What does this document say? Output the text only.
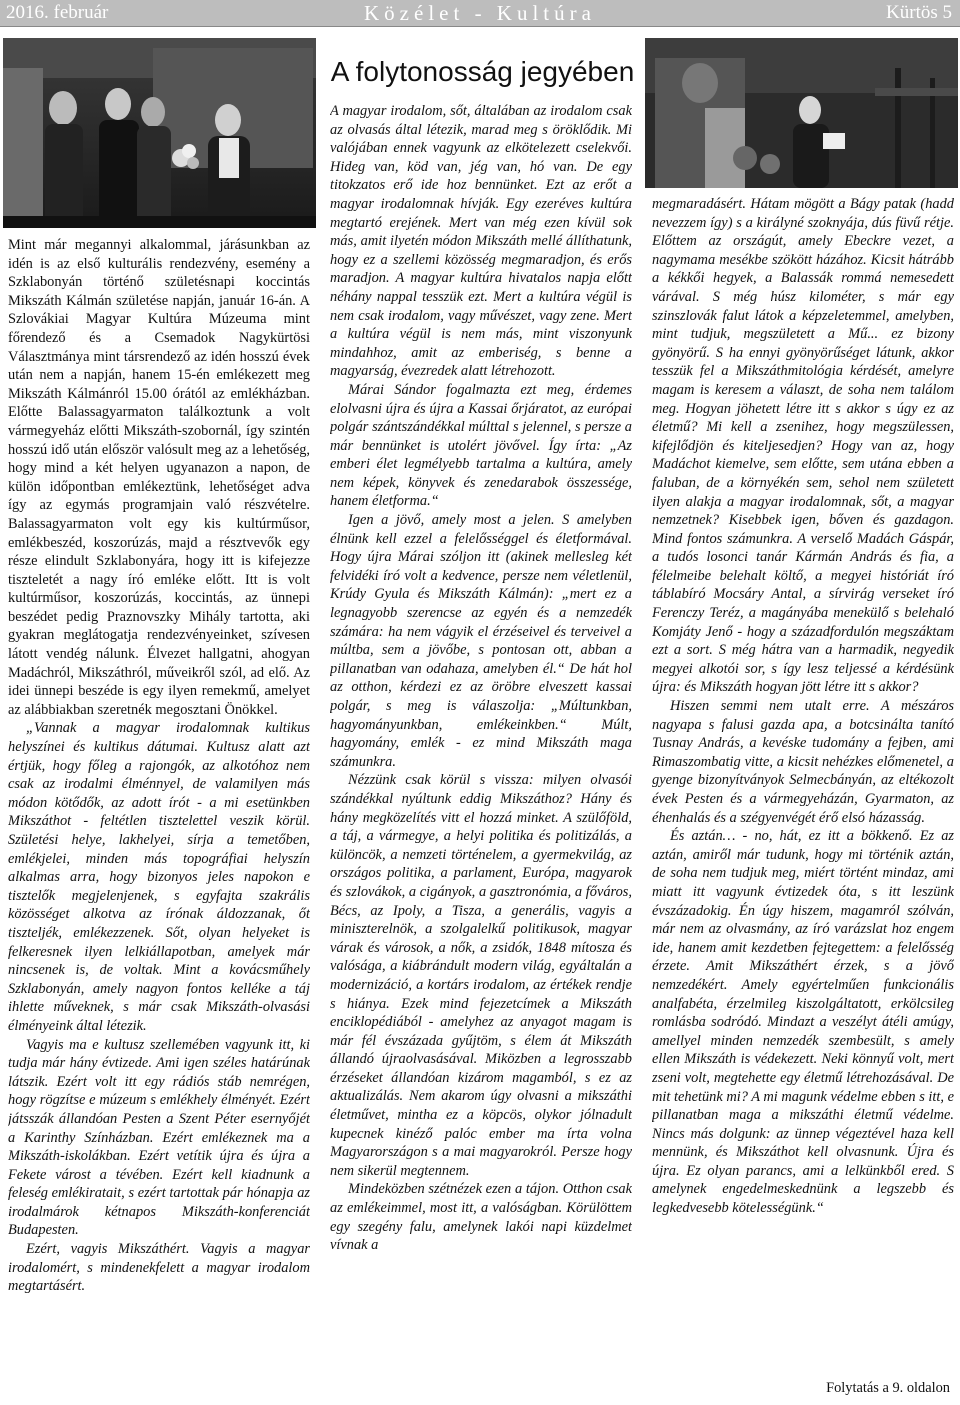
2016. február	Közélet - Kultúra	Kürtös 5
A folytonosság jegyében

Mint már megannyi alkalommal, járásunkban az idén is az első kulturális rendezvény, esemény a Szklabonyán történő születésnapi koccintás Mikszáth Kálmán születése napján, január 16-án. A Szlovákiai Magyar Kultúra Múzeuma mint főrendező és a Csemadok Nagykürtösi Választmánya mint társrendező az idén hosszú évek után nem a napján, hanem 15-én emlékezett meg Mikszáth Kálmánról 15.00 órától az emlékházban. Előtte Balassagyarmaton találkoztunk a volt vármegyeház előtti Mikszáth-szobornál, így szintén hosszú idő után először valósult meg az a lehetőség, hogy mind a két helyen ugyanazon a napon, de külön időpontban emlékeztünk, lehetőséget adva így az egymás programjain való részvételre. Balassagyarmaton volt egy kis kultúrműsor, emlékbeszéd, koszorúzás, majd a résztvevők egy része elindult Szklabonyára, hogy itt is kifejezze tiszteletét a nagy író emléke előtt. Itt is volt kultúrműsor, koszorúzás, koccintás, az ünnepi beszédet pedig Praznovszky Mihály tartotta, aki gyakran meglátogatja rendezvényeinket, szívesen látott vendég nálunk. Élvezet hallgatni, ahogyan Madáchról, Mikszáthról, műveikről szól, ad elő. Az idei ünnepi beszéde is egy ilyen remekmű, amelyet az alábbiakban szeretnék megosztani Önökkel.

„Vannak a magyar irodalomnak kultikus helyszínei és kultikus dátumai. Kultusz alatt azt értjük, hogy főleg a rajongók, az alkotóhoz nem csak az irodalmi élménnyel, de valamilyen más módon kötődők, az adott írót - a mi esetünkben Mikszáthot - feltétlen tisztelettel veszik körül. Születési helye, lakhelyei, sírja a temetőben, emlékjelei, minden más topográfiai helyszín alkalmas arra, hogy bizonyos jeles napokon e tisztelők megjelenjenek, s egyfajta szakrális közösséget alkotva az írónak áldozzanak, őt tiszteljék, emlékezzenek. Sőt, olyan helyeket is felkeresnek ilyen lelkiállapotban, amelyek már nincsenek is, de voltak. Mint a kovácsműhely Szklabonyán, amely nagyon fontos kelléke a táj ihlette műveknek, s már csak Mikszáth-olvasási élményeink által létezik.

Vagyis ma e kultusz szellemében vagyunk itt, ki tudja már hány évtizede. Ami igen széles határúnak látszik. Ezért volt itt egy rádiós stáb nemrégen, hogy rögzítse e múzeum s emlékhely élményét. Ezért játsszák állandóan Pesten a Szent Péter esernyőjét a Karinthy Színházban. Ezért emlékeznek ma a Mikszáth-iskolákban. Ezért vetítik újra és újra a Fekete várost a tévében. Ezért kell kiadnunk a feleség emlékiratait, s ezért tartottak pár hónapja az irodalmárok kétnapos Mikszáth-konferenciát Budapesten.

Ezért, vagyis Mikszáthért. Vagyis a magyar irodalomért, s mindenekfelett a magyar irodalom megtartásért.

A magyar irodalom, sőt, általában az irodalom csak az olvasás által létezik, marad meg s öröklődik. Mi valójában ennek vagyunk az elkötelezett cselekvői. Hideg van, köd van, jég van, hó van. De egy titokzatos erő ide hoz bennünket. Ezt az erőt a magyar irodalomnak hívják. Egy ezeréves kultúra megtartó erejének. Mert van még ezen kívül sok más, amit ilyetén módon Mikszáth mellé állíthatunk, hogy ez a szellemi közösség megmaradjon, és erős maradjon. A magyar kultúra hivatalos napja előtt néhány nappal tesszük ezt. Mert a kultúra végül is nem csak irodalom, vagy művészet, vagy zene. Mert a kultúra végül is nem más, mint viszonyunk mindahhoz, amit az emberiség, s benne a magyarság, évezredek alatt létrehozott.

Márai Sándor fogalmazta ezt meg, érdemes elolvasni újra és újra a Kassai őrjáratot, az európai polgár szántszándékkal múlttal s jelennel, s persze a már bennünket is utolért jövővel. Így írta: „Az emberi élet legmélyebb tartalma a kultúra, amely nem képek, könyvek és zenedarabok összessége, hanem életforma.“

Igen a jövő, amely most a jelen. S amelyben élnünk kell ezzel a felelősséggel és életformával. Hogy újra Márai szóljon itt (akinek mellesleg két felvidéki író volt a kedvence, persze nem véletlenül, Krúdy Gyula és Mikszáth Kálmán): „mert ez a legnagyobb szerencse az egyén és a nemzedék számára: ha nem vágyik el érzéseivel és terveivel a múltba, sem a jövőbe, s pontosan ott, abban a pillanatban van odahaza, amelyben él.“ De hát hol az otthon, kérdezi ez az öröbre elveszett kassai polgár, s meg is válaszolja: „Múltunkban, hagyományunkban, emlékeinkben.“ Múlt, hagyomány, emlék - ez mind Mikszáth maga számunkra.

Nézzünk csak körül s vissza: milyen olvasói szándékkal nyúltunk eddig Mikszáthoz? Hány és hány megközelítés vitt el hozzá minket. A szülőföld, a táj, a vármegye, a helyi politika és politizálás, a különcök, a nemzeti történelem, a gyermekvilág, az országos politika, a parlament, Európa, magyarok és szlovákok, a cigányok, a gasztronómia, a főváros, Bécs, az Ipoly, a Tisza, a generális, vagyis a miniszterelnök, a szolgalelkű politikusok, magyar várak és városok, a nők, a zsidók, 1848 mítosza és valósága, a kiábrándult modern világ, egyáltalán a modernizáció, a kortárs irodalom, az értékek rendje s hiánya. Ezek mind fejezetcímek a Mikszáth enciklopédiából - amelyhez az anyagot magam is már fél évszázada gyűjtöm, s élem át Mikszáth állandó újraolvasásával. Miközben a legrosszabb érzéseket állandóan kizárom magamból, s ez az aktualizálás. Nem akarom úgy olvasni a mikszáthi életművet, mintha ez a köpcös, olykor jólnadult kupecnek kinéző palóc ember ma írta volna Magyarországon s a mai magyarokról. Persze hogy nem sikerül megtennem.

Mindeközben szétnézek ezen a tájon. Otthon csak az emlékeimmel, most itt, a valóságban. Körülöttem egy szegény falu, amelynek lakói napi küzdelmet vívnak a

megmaradásért. Hátam mögött a Bágy patak (hadd nevezzem így) s a királyné szoknyája, dús füvű rétje. Előttem az országút, amely Ebeckre vezet, a nagymama mesékbe szökött házához. Kicsit hátrább a kékkői hegyek, a Balassák rommá nemesedett várával. S még húsz kilométer, s már egy szinszlovák falut látok a képzeletemmel, amelyben, mint tudjuk, megszületett a Mű... ez bizony gyönyörű. S ha ennyi gyönyörűséget látunk, akkor tesszük fel a Mikszáthmitológia kérdését, amelyre magam is keresem a választ, de soha nem találom meg. Hogyan jöhetett létre itt s akkor s úgy ez az életmű? Mi kell a zsenihez, hogy megszülessen, kifejlődjön és kiteljesedjen? Hogy van az, hogy Madáchot kiemelve, sem előtte, sem utána ebben a faluban, de a környékén sem, sehol nem született ilyen alakja a magyar irodalomnak, sőt, a magyar nemzetnek? Kisebbek igen, bőven és gazdagon. Mind fontos számunkra. A verselő Madách Gáspár, a tudós losonci tanár Kármán András és fia, a félelmeibe belehalt költő, a megyei históriát író táblabíró Mocsáry Antal, a sírvirág verseket író Ferenczy Teréz, a magányába menekülő s belehaló Komjáty Jenő - hogy a századfordulón megszáktam ezt a sort. S még hátra van a harmadik, negyedik megyei alkotói sor, s így lesz teljessé a kérdésünk újra: és Mikszáth hogyan jött létre itt s akkor?

Hiszen semmi nem utalt erre. A mészáros nagyapa s falusi gazda apa, a botcsinálta tanító Tusnay András, a kevéske tudomány a fejben, ami Rimaszombatig vitte, a kicsit nehézkes előmenetel, a gyenge bizonyítványok Selmecbányán, az eltékozolt évek Pesten és a vármegyeházán, Gyarmaton, az éhenhalás és a szégyenvégét érő elsó házasság.

És aztán… - no, hát, ez itt a bökkenő. Ez az aztán, amiről már tudunk, hogy mi történik aztán, de soha nem tudjuk meg, miért történt mindaz, ami miatt itt vagyunk évtizedek óta, s itt leszünk évszázadokig. Én úgy hiszem, magamról szólván, már nem az olvasmány, az író varázslat hoz engem ide, hanem amit kezdetben fejtegettem: a felelősség érzete. Amit Mikszáthért érzek, s a jövő nemzedékért. Amely egyértelműen funkcionális analfabéta, érzelmileg kiszolgáltatott, erkölcsileg romlásba sodródó. Mindazt a veszélyt átéli amúgy, amellyel minden nemzedék szembesült, s amely ellen Mikszáth is védekezett. Neki könnyű volt, mert zseni volt, megtehette egy életmű létrehozásával. De mit tehetünk mi? A mi magunk védelme ebben s itt, e pillanatban maga a mikszáthi életmű védelme. Nincs más dolgunk: az ünnep végeztével haza kell mennünk, és Mikszáthot kell olvasnunk. Újra és újra. Ez olyan parancs, ami a lelkünkből ered. S amelynek engedelmeskednünk a legszebb és legkedvesebb kötelességünk.“

Folytatás a 9. oldalon
